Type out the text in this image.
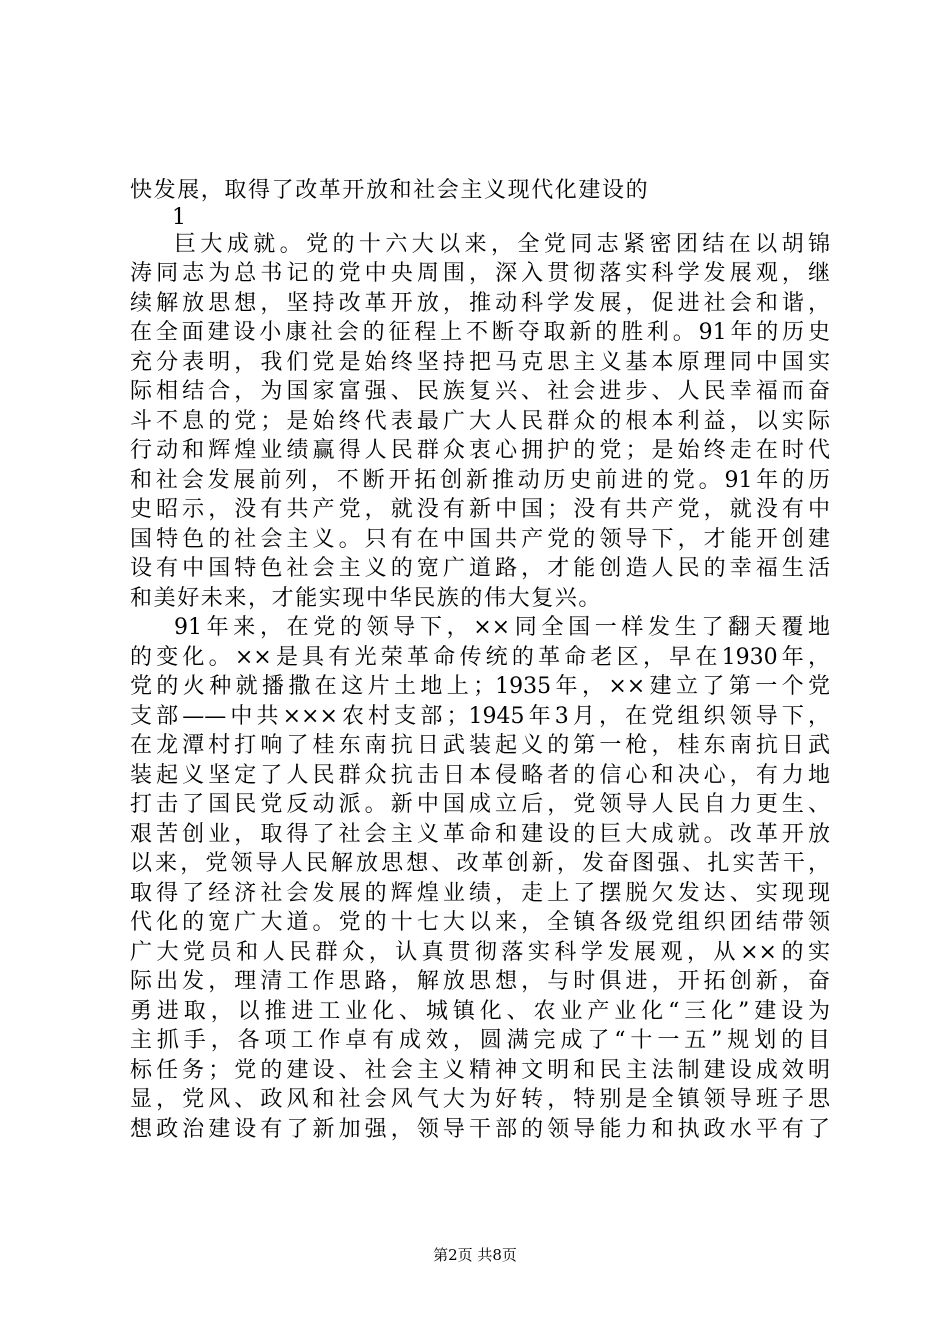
快发展，取得了改革开放和社会主义现代化建设的
1
巨大成就。党的十六大以来，全党同志紧密团结在以胡锦
涛同志为总书记的党中央周围，深入贯彻落实科学发展观，继
续解放思想，坚持改革开放，推动科学发展，促进社会和谐，
在全面建设小康社会的征程上不断夺取新的胜利。91年的历史
充分表明，我们党是始终坚持把马克思主义基本原理同中国实
际相结合，为国家富强、民族复兴、社会进步、人民幸福而奋
斗不息的党；是始终代表最广大人民群众的根本利益，以实际
行动和辉煌业绩赢得人民群众衷心拥护的党；是始终走在时代
和社会发展前列，不断开拓创新推动历史前进的党。91年的历
史昭示，没有共产党，就没有新中国；没有共产党，就没有中
国特色的社会主义。只有在中国共产党的领导下，才能开创建
设有中国特色社会主义的宽广道路，才能创造人民的幸福生活
和美好未来，才能实现中华民族的伟大复兴。
91年来，在党的领导下，××同全国一样发生了翻天覆地
的变化。××是具有光荣革命传统的革命老区，早在1930年，
党的火种就播撒在这片土地上；1935年，××建立了第一个党
支部——中共×××农村支部；1945年3月，在党组织领导下，
在龙潭村打响了桂东南抗日武装起义的第一枪，桂东南抗日武
装起义坚定了人民群众抗击日本侵略者的信心和决心，有力地
打击了国民党反动派。新中国成立后，党领导人民自力更生、
艰苦创业，取得了社会主义革命和建设的巨大成就。改革开放
以来，党领导人民解放思想、改革创新，发奋图强、扎实苦干，
取得了经济社会发展的辉煌业绩，走上了摆脱欠发达、实现现
代化的宽广大道。党的十七大以来，全镇各级党组织团结带领
广大党员和人民群众，认真贯彻落实科学发展观，从××的实
际出发，理清工作思路，解放思想，与时俱进，开拓创新，奋
勇进取，以推进工业化、城镇化、农业产业化“三化”建设为
主抓手，各项工作卓有成效，圆满完成了“十一五”规划的目
标任务；党的建设、社会主义精神文明和民主法制建设成效明
显，党风、政风和社会风气大为好转，特别是全镇领导班子思
想政治建设有了新加强，领导干部的领导能力和执政水平有了
第2页 共8页
